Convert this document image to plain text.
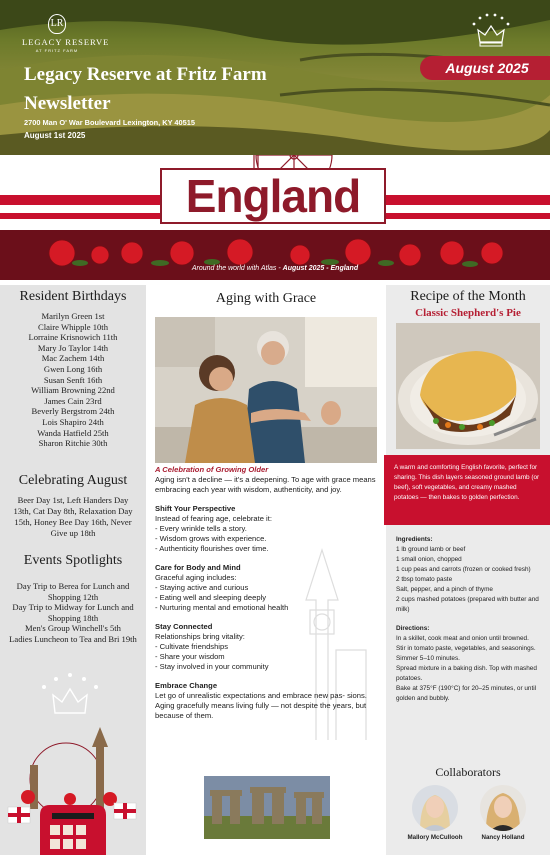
LR
LEGACY RESERVE
AT FRITZ FARM
Legacy Reserve at Fritz Farm Newsletter
2700 Man O' War Boulevard Lexington, KY 40515
August 1st 2025
August 2025
England
Around the world with Atlas - August 2025 - England
Resident Birthdays
Marilyn Green 1st
Claire Whipple 10th
Lorraine Krisnowich 11th
Mary Jo Taylor 14th
Mac Zachem 14th
Gwen Long 16th
Susan Senft 16th
William Browning 22nd
James Cain 23rd
Beverly Bergstrom 24th
Lois Shapiro 24th
Wanda Hatfield 25th
Sharon Ritchie 30th
Celebrating August
Beer Day 1st, Left Handers Day 13th, Cat Day 8th, Relaxation Day 15th, Honey Bee Day 16th, Never Give up 18th
Events Spotlights
Day Trip to Berea for Lunch and Shopping 12th
Day Trip to Midway for Lunch and Shopping 18th
Men's Group Winchell's 5th
Ladies Luncheon to Tea and Bri 19th
Aging with Grace
A Celebration of Growing Older

Aging isn't a decline — it's a deepening. To age with grace means embracing each year with wisdom, authenticity, and joy.

Shift Your Perspective

Instead of fearing age, celebrate it:

- Every wrinkle tells a story.

- Wisdom grows with experience.

- Authenticity flourishes over time.

Care for Body and Mind

Graceful aging includes:

- Staying active and curious

- Eating well and sleeping deeply

- Nurturing mental and emotional health

Stay Connected

Relationships bring vitality:

- Cultivate friendships

- Share your wisdom

- Stay involved in your community

Embrace Change

Let go of unrealistic expectations and embrace new pas- sions. Aging gracefully means living fully — not despite the years, but because of them.

Recipe of the Month
Classic Shepherd's Pie
A warm and comforting English favorite, perfect for sharing. This dish layers seasoned ground lamb (or beef), soft vegetables, and creamy mashed potatoes — then bakes to golden perfection.
Ingredients:
1 lb ground lamb or beef
1 small onion, chopped
1 cup peas and carrots (frozen or cooked fresh)
2 tbsp tomato paste
Salt, pepper, and a pinch of thyme
2 cups mashed potatoes (prepared with butter and milk)
Directions:
In a skillet, cook meat and onion until browned.
Stir in tomato paste, vegetables, and seasonings. Simmer 5–10 minutes.
Spread mixture in a baking dish. Top with mashed potatoes.
Bake at 375°F (190°C) for 20–25 minutes, or until golden and bubbly.
Collaborators
Mallory McCullooh	Nancy Holland
